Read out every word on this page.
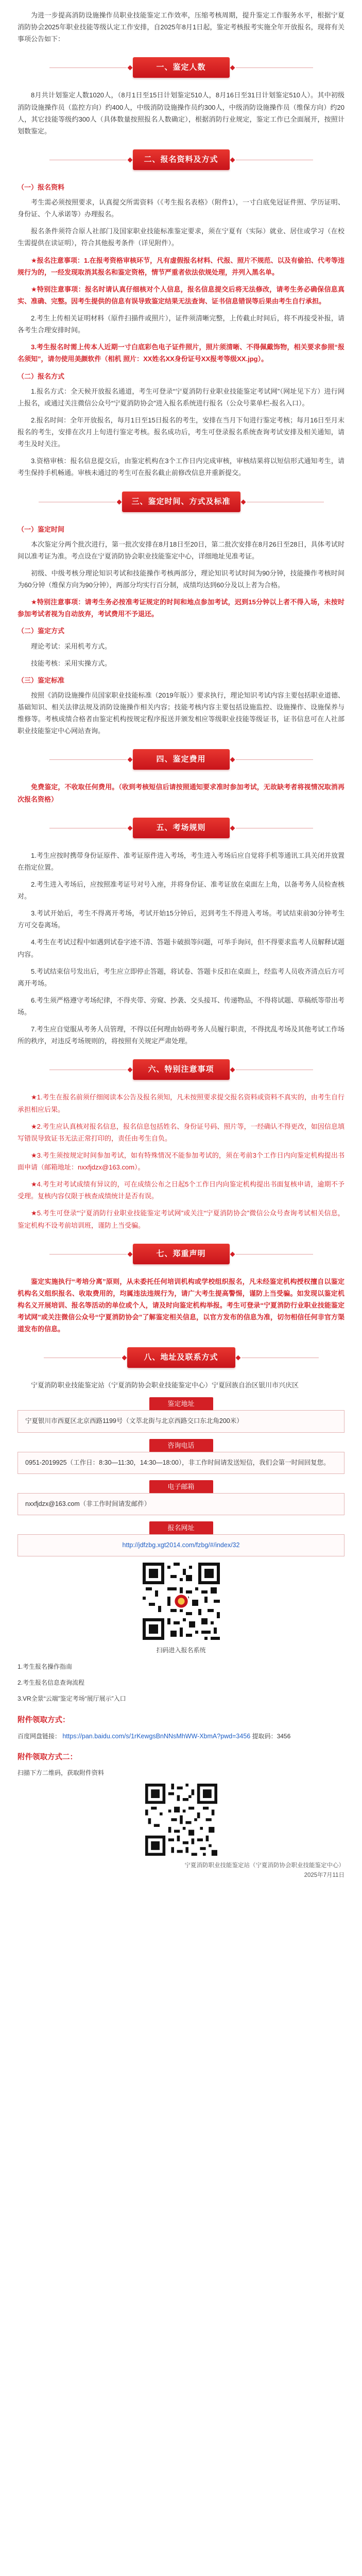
为进一步提高消防设施操作员职业技能鉴定工作效率，压缩考核周期，提升鉴定工作服务水平，根据宁夏消防协会2025年职业技能等级认定工作安排，自2025年8月1日起，鉴定考核报考实施全年开放报名，现将有关事项公告如下：

一、鉴定人数

8月共计划鉴定人数1020人，（8月1日至15日计划鉴定510人，8月16日至31日计划鉴定510人）。其中初级消防设施操作员（监控方向）约400人，中级消防设施操作员约300人，中级消防设施操作员（维保方向）约20人，其它技能等级约300人（具体数量按照报名人数确定），根据消防行业规定，鉴定工作已全面展开，按照计划数鉴定。

二、报名资料及方式
（一）报名资料

考生需必须按照要求，认真提交所需资料（《考生报名表格》（附件1），一寸白底免冠证件照、学历证明、身份证、个人承诺等）办理报名。

报名条件须符合原人社部门及国家职业技能标准鉴定要求，须在宁夏有（实际）就业、居住或学习（在校生需提供在读证明），符合其他报考条件（详见附件）。

★报名注意事项：1.在报考资格审核环节，凡有虚假报名材料、代报、照片不规范、以及有偷拍、代考等违规行为的，一经发现取消其报名和鉴定资格，情节严重者依法依规处理，并列入黑名单。

★特别注意事项：报名时请认真仔细核对个人信息，报名信息提交后将无法修改，请考生务必确保信息真实、准确、完整。因考生提供的信息有误导致鉴定结果无法查询、证书信息错误等后果由考生自行承担。

2.考生上传相关证明材料（原件扫描件或照片），证件须清晰完整，上传截止时间后，将不再接受补报，请各考生合理安排时间。

3.考生报名时需上传本人近期一寸白底彩色电子证件照片，照片须清晰、不得佩戴饰物，相关要求参照“报名须知”，请勿使用美颜软件（相机 照片：XX姓名XX身份证号XX报考等级XX.jpg）。

（二）报名方式

1.报名方式：全天候开放报名通道，考生可登录“宁夏消防行业职业技能鉴定考试网”（网址见下方）进行网上报名，或通过关注微信公众号“宁夏消防协会”进入报名系统进行报名（公众号菜单栏-报名入口）。

2.报名时间：全年开放报名，每月1日至15日报名的考生，安排在当月下旬进行鉴定考核；每月16日至月末报名的考生，安排在次月上旬进行鉴定考核。报名成功后，考生可登录报名系统查询考试安排及相关通知，请考生及时关注。

3.资格审核：报名信息提交后，由鉴定机构在3个工作日内完成审核，审核结果将以短信形式通知考生，请考生保持手机畅通。审核未通过的考生可在报名截止前修改信息并重新提交。

三、鉴定时间、方式及标准
（一）鉴定时间

本次鉴定分两个批次进行，第一批次安排在8月18日至20日，第二批次安排在8月26日至28日，具体考试时间以准考证为准。考点设在宁夏消防协会职业技能鉴定中心，详细地址见准考证。

初级、中级考核分理论知识考试和技能操作考核两部分，理论知识考试时间为90分钟，技能操作考核时间为60分钟（维保方向为90分钟），两部分均实行百分制，成绩均达到60分及以上者为合格。

★特别注意事项：请考生务必按准考证规定的时间和地点参加考试，迟到15分钟以上者不得入场，未按时参加考试者视为自动放弃，考试费用不予退还。

（二）鉴定方式

理论考试：采用机考方式。

技能考核：采用实操方式。

（三）鉴定标准

按照《消防设施操作员国家职业技能标准（2019年版）》要求执行，理论知识考试内容主要包括职业道德、基础知识、相关法律法规及消防设施操作相关内容；技能考核内容主要包括设施监控、设施操作、设施保养与维修等。考核成绩合格者由鉴定机构按规定程序报送并颁发相应等级职业技能等级证书，证书信息可在人社部职业技能鉴定中心网站查询。

四、鉴定费用

免费鉴定，不收取任何费用。（收到考核短信后请按照通知要求准时参加考试，无故缺考者将视情况取消再次报名资格）

五、考场规则

1.考生应按时携带身份证原件、准考证原件进入考场，考生进入考场后应自觉将手机等通讯工具关闭并放置在指定位置。

2.考生进入考场后，应按照准考证号对号入座，并将身份证、准考证放在桌面左上角，以备考务人员检查核对。

3.考试开始后，考生不得离开考场，考试开始15分钟后，迟到考生不得进入考场。考试结束前30分钟考生方可交卷离场。

4.考生在考试过程中如遇到试卷字迹不清、答题卡破损等问题，可举手询问，但不得要求监考人员解释试题内容。

5.考试结束信号发出后，考生应立即停止答题，将试卷、答题卡反扣在桌面上，经监考人员收齐清点后方可离开考场。

6.考生须严格遵守考场纪律，不得夹带、旁窥、抄袭、交头接耳、传递物品，不得将试题、草稿纸等带出考场。

7.考生应自觉服从考务人员管理，不得以任何理由妨碍考务人员履行职责，不得扰乱考场及其他考试工作场所的秩序，对违反考场规则的，将按照有关规定严肃处理。

六、特别注意事项

★1.考生在报名前须仔细阅读本公告及报名须知，凡未按照要求提交报名资料或资料不真实的，由考生自行承担相应后果。

★2.考生应认真核对报名信息，报名信息包括姓名、身份证号码、照片等，一经确认不得更改，如因信息填写错误导致证书无法正常打印的，责任由考生自负。

★3.考生须按规定时间参加考试，如有特殊情况不能参加考试的，须在考前3个工作日内向鉴定机构提出书面申请（邮箱地址：nxxfjdzx@163.com）。

★4.考生对考试成绩有异议的，可在成绩公布之日起5个工作日内向鉴定机构提出书面复核申请，逾期不予受理。复核内容仅限于核查成绩统计是否有误。

★5.考生可登录“宁夏消防行业职业技能鉴定考试网”或关注“宁夏消防协会”微信公众号查询考试相关信息，鉴定机构不设考前培训班，谨防上当受骗。

七、郑重声明

鉴定实施执行“考培分离”原则，从未委托任何培训机构或学校组织报名，凡未经鉴定机构授权擅自以鉴定机构名义组织报名、收取费用的，均属违法违规行为，请广大考生提高警惕，谨防上当受骗。如发现以鉴定机构名义开展培训、报名等活动的单位或个人，请及时向鉴定机构举报。考生可登录“宁夏消防行业职业技能鉴定考试网”或关注微信公众号“宁夏消防协会”了解鉴定相关信息，以官方发布的信息为准，切勿相信任何非官方渠道发布的信息。

八、地址及联系方式

宁夏消防职业技能鉴定站（宁夏消防协会职业技能鉴定中心）宁夏回族自治区银川市兴庆区

鉴定地址
宁夏银川市西夏区北京西路1199号（文萃北街与北京西路交口东北角200米）
咨询电话
0951-2019925（工作日：8:30—11:30，14:30—18:00），非工作时间请发送短信，我们会第一时间回复您。
电子邮箱
nxxfjdzx@163.com（非工作时间请发邮件）
报名网址
http://jdfzbg.xgt2014.com/fzbg/#/index/32

扫码进入报名系统

1.考生报名操作指南
2.考生报名信息查询流程
3.VR全景“云端”鉴定考场“展厅展示”入口
附件领取方式：

百度网盘链接： https://pan.baidu.com/s/1rKewgsBnNNsMhWW-XbmA?pwd=3456 提取码：3456

附件领取方式二：

扫描下方二维码，获取附件资料

宁夏消防职业技能鉴定站（宁夏消防协会职业技能鉴定中心）
2025年7月11日
